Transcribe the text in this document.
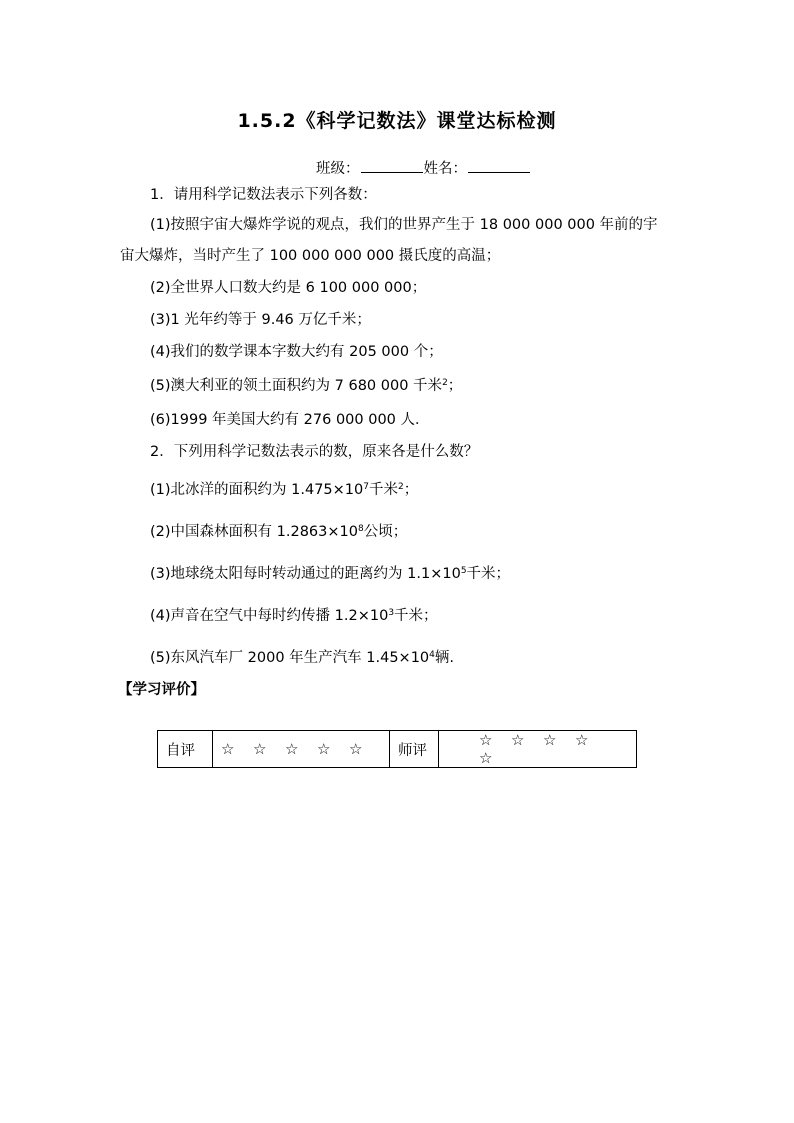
1.5.2《科学记数法》课堂达标检测
班级：	姓名：
1．请用科学记数法表示下列各数：
(1)按照宇宙大爆炸学说的观点，我们的世界产生于 18 000 000 000 年前的宇
宙大爆炸，当时产生了 100 000 000 000 摄氏度的高温；
(2)全世界人口数大约是 6 100 000 000；
(3)1 光年约等于 9.46 万亿千米；
(4)我们的数学课本字数大约有 205 000 个；
(5)澳大利亚的领土面积约为 7 680 000 千米$^2$；
(6)1999 年美国大约有 276 000 000 人．
2．下列用科学记数法表示的数，原来各是什么数？
(1)北冰洋的面积约为 $1.475\times 10^7$千米$^2$；
(2)中国森林面积有 $1.2863\times 10^8$公顷；
(3)地球绕太阳每时转动通过的距离约为 $1.1\times 10^5$千米；
(4)声音在空气中每时约传播 $1.2\times 10^3$千米；
(5)东风汽车厂 2000 年生产汽车 $1.45\times 10^4$辆.
【学习评价】
自评	☆ ☆ ☆ ☆ ☆	师评	☆ ☆ ☆ ☆☆
